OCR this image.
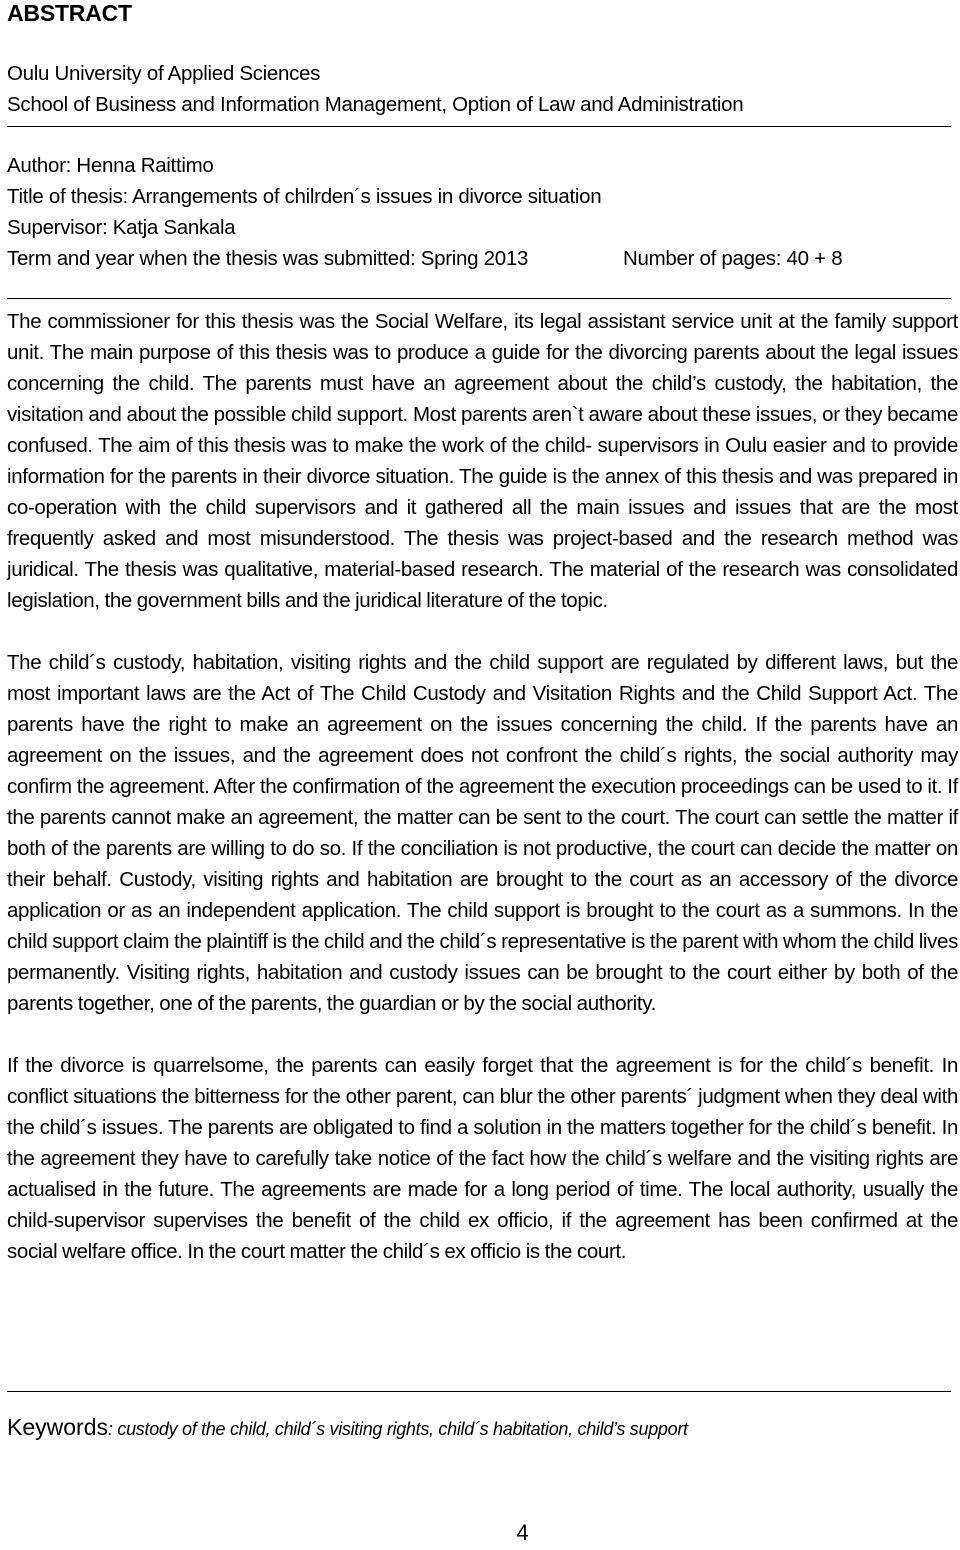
ABSTRACT
Oulu University of Applied Sciences
School of Business and Information Management, Option of Law and Administration
Author: Henna Raittimo
Title of thesis: Arrangements of chilrden´s issues in divorce situation
Supervisor: Katja Sankala
Term and year when the thesis was submitted: Spring 2013	Number of pages: 40 + 8

The commissioner for this thesis was the Social Welfare, its legal assistant service unit at the family support unit. The main purpose of this thesis was to produce a guide for the divorcing parents about the legal issues concerning the child. The parents must have an agreement about the child’s custody, the habitation, the visitation and about the possible child support. Most parents aren`t aware about these issues, or they became confused. The aim of this thesis was to make the work of the child- supervisors in Oulu easier and to provide information for the parents in their divorce situation. The guide is the annex of this thesis and was prepared in co-operation with the child supervisors and it gathered all the main issues and issues that are the most frequently asked and most misunderstood. The thesis was project-based and the research method was juridical. The thesis was qualitative, material-based research. The material of the research was consolidated legislation, the government bills and the juridical literature of the topic.

The child´s custody, habitation, visiting rights and the child support are regulated by different laws, but the most important laws are the Act of The Child Custody and Visitation Rights and the Child Support Act. The parents have the right to make an agreement on the issues concerning the child. If the parents have an agreement on the issues, and the agreement does not confront the child´s rights, the social authority may confirm the agreement. After the confirmation of the agreement the execution proceedings can be used to it. If the parents cannot make an agreement, the matter can be sent to the court. The court can settle the matter if both of the parents are willing to do so. If the conciliation is not productive, the court can decide the matter on their behalf. Custody, visiting rights and habitation are brought to the court as an accessory of the divorce application or as an independent application. The child support is brought to the court as a summons. In the child support claim the plaintiff is the child and the child´s representative is the parent with whom the child lives permanently. Visiting rights, habitation and custody issues can be brought to the court either by both of the parents together, one of the parents, the guardian or by the social authority.

If the divorce is quarrelsome, the parents can easily forget that the agreement is for the child´s benefit. In conflict situations the bitterness for the other parent, can blur the other parents´ judgment when they deal with the child´s issues. The parents are obligated to find a solution in the matters together for the child´s benefit. In the agreement they have to carefully take notice of the fact how the child´s welfare and the visiting rights are actualised in the future. The agreements are made for a long period of time. The local authority, usually the child-supervisor supervises the benefit of the child ex officio, if the agreement has been confirmed at the social welfare office. In the court matter the child´s ex officio is the court.

Keywords: custody of the child, child´s visiting rights, child´s habitation, child’s support
4
